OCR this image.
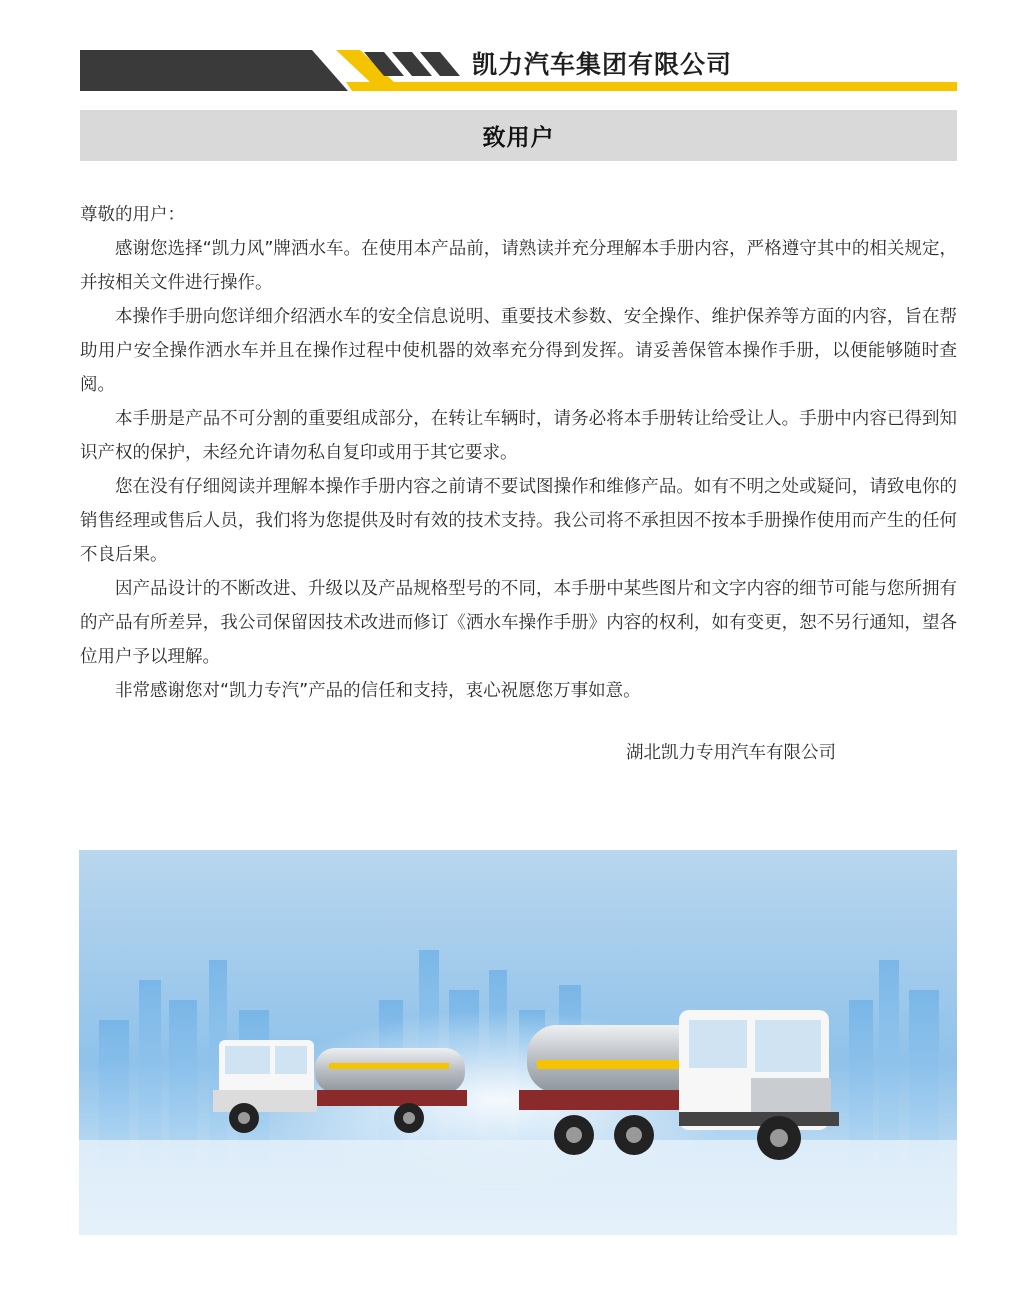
凯力汽车集团有限公司
致用户

尊敬的用户：

感谢您选择“凯力风”牌洒水车。在使用本产品前，请熟读并充分理解本手册内容，严格遵守其中的相关规定，并按相关文件进行操作。

本操作手册向您详细介绍洒水车的安全信息说明、重要技术参数、安全操作、维护保养等方面的内容，旨在帮助用户安全操作洒水车并且在操作过程中使机器的效率充分得到发挥。请妥善保管本操作手册，以便能够随时查阅。

本手册是产品不可分割的重要组成部分，在转让车辆时，请务必将本手册转让给受让人。手册中内容已得到知识产权的保护，未经允许请勿私自复印或用于其它要求。

您在没有仔细阅读并理解本操作手册内容之前请不要试图操作和维修产品。如有不明之处或疑问，请致电你的销售经理或售后人员，我们将为您提供及时有效的技术支持。我公司将不承担因不按本手册操作使用而产生的任何不良后果。

因产品设计的不断改进、升级以及产品规格型号的不同，本手册中某些图片和文字内容的细节可能与您所拥有的产品有所差异，我公司保留因技术改进而修订《洒水车操作手册》内容的权利，如有变更，恕不另行通知，望各位用户予以理解。

非常感谢您对“凯力专汽”产品的信任和支持，衷心祝愿您万事如意。

湖北凯力专用汽车有限公司
